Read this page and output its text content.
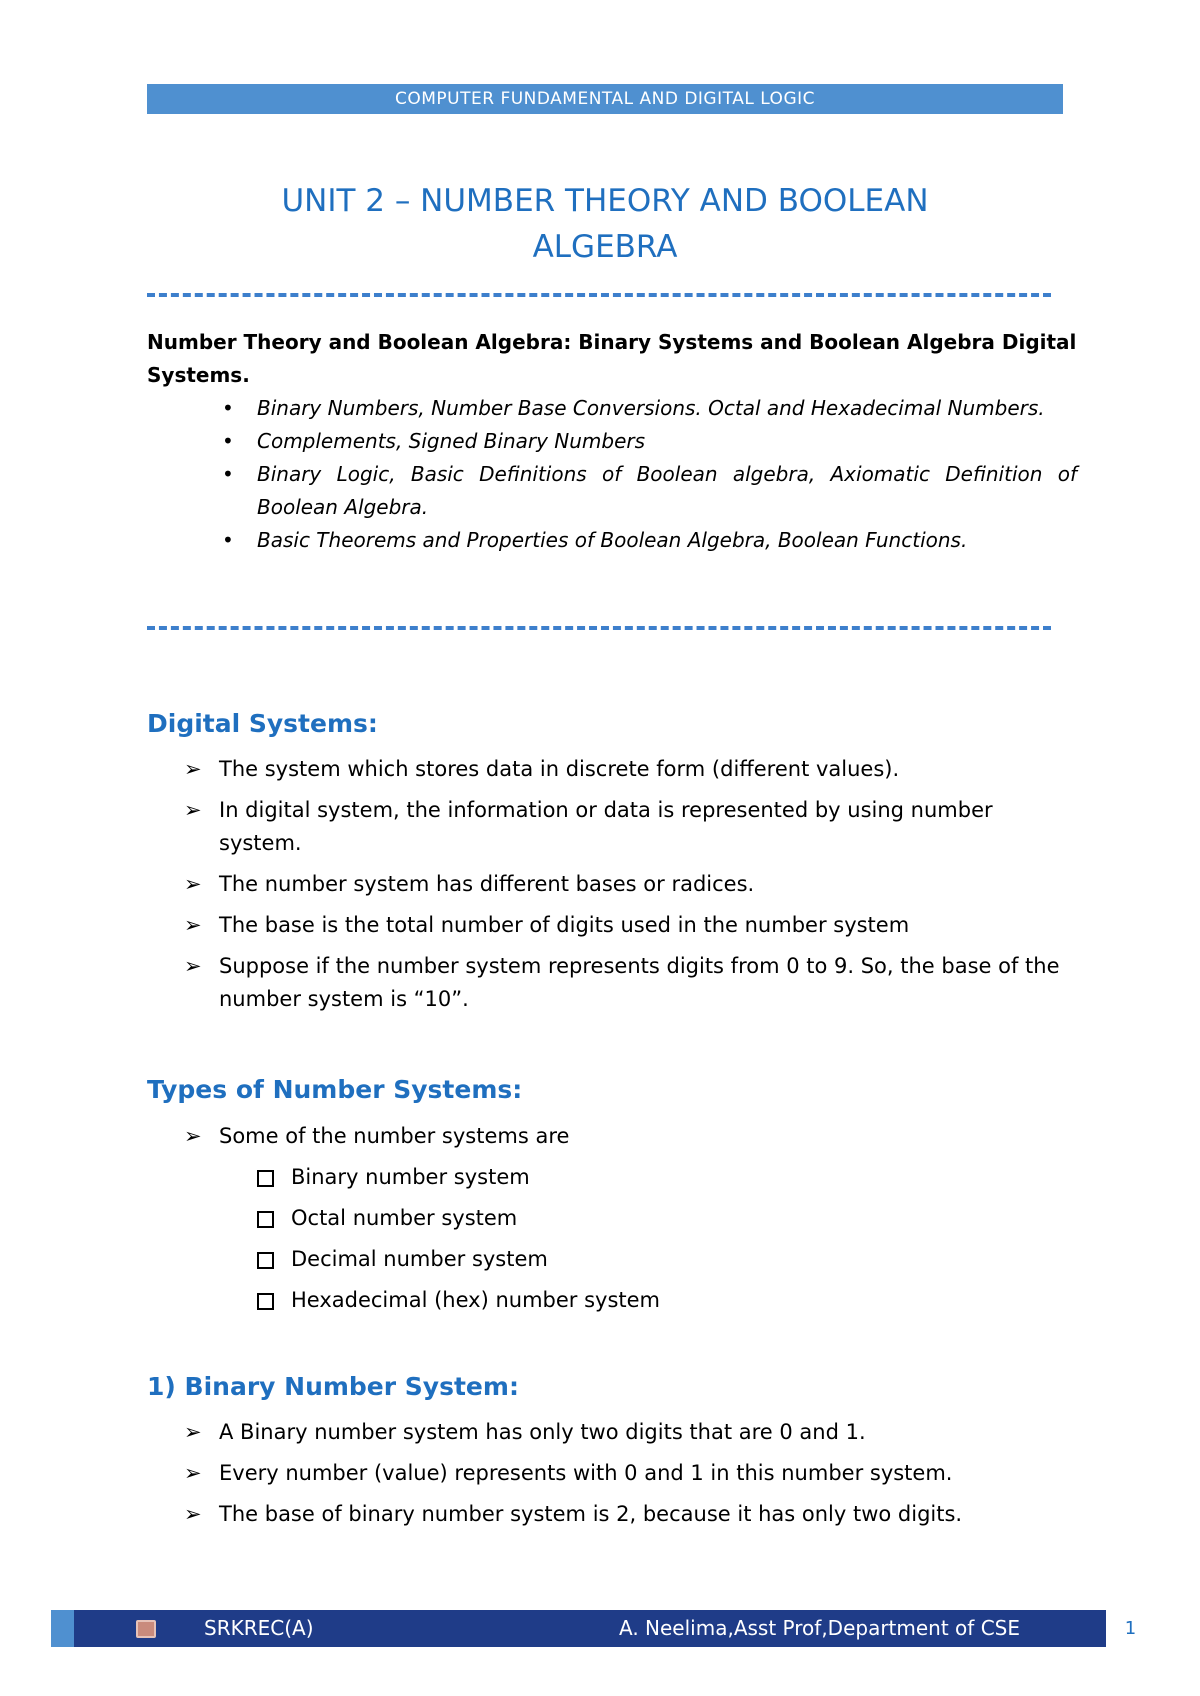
COMPUTER FUNDAMENTAL AND DIGITAL LOGIC
UNIT 2 – NUMBER THEORY AND BOOLEAN
ALGEBRA
Number Theory and Boolean Algebra: Binary Systems and Boolean Algebra Digital Systems.
• Binary Numbers, Number Base Conversions. Octal and Hexadecimal Numbers.
• Complements, Signed Binary Numbers
• Binary Logic, Basic Definitions of Boolean algebra, Axiomatic Definition of Boolean Algebra.
• Basic Theorems and Properties of Boolean Algebra, Boolean Functions.
Digital Systems:
➢ The system which stores data in discrete form (different values).
➢ In digital system, the information or data is represented by using number system.
➢ The number system has different bases or radices.
➢ The base is the total number of digits used in the number system
➢ Suppose if the number system represents digits from 0 to 9. So, the base of the number system is “10”.
Types of Number Systems:
➢ Some of the number systems are
Binary number system
Octal number system
Decimal number system
Hexadecimal (hex) number system
1) Binary Number System:
➢ A Binary number system has only two digits that are 0 and 1.
➢ Every number (value) represents with 0 and 1 in this number system.
➢ The base of binary number system is 2, because it has only two digits.
SRKREC(A)	A. Neelima,Asst Prof,Department of CSE	1
